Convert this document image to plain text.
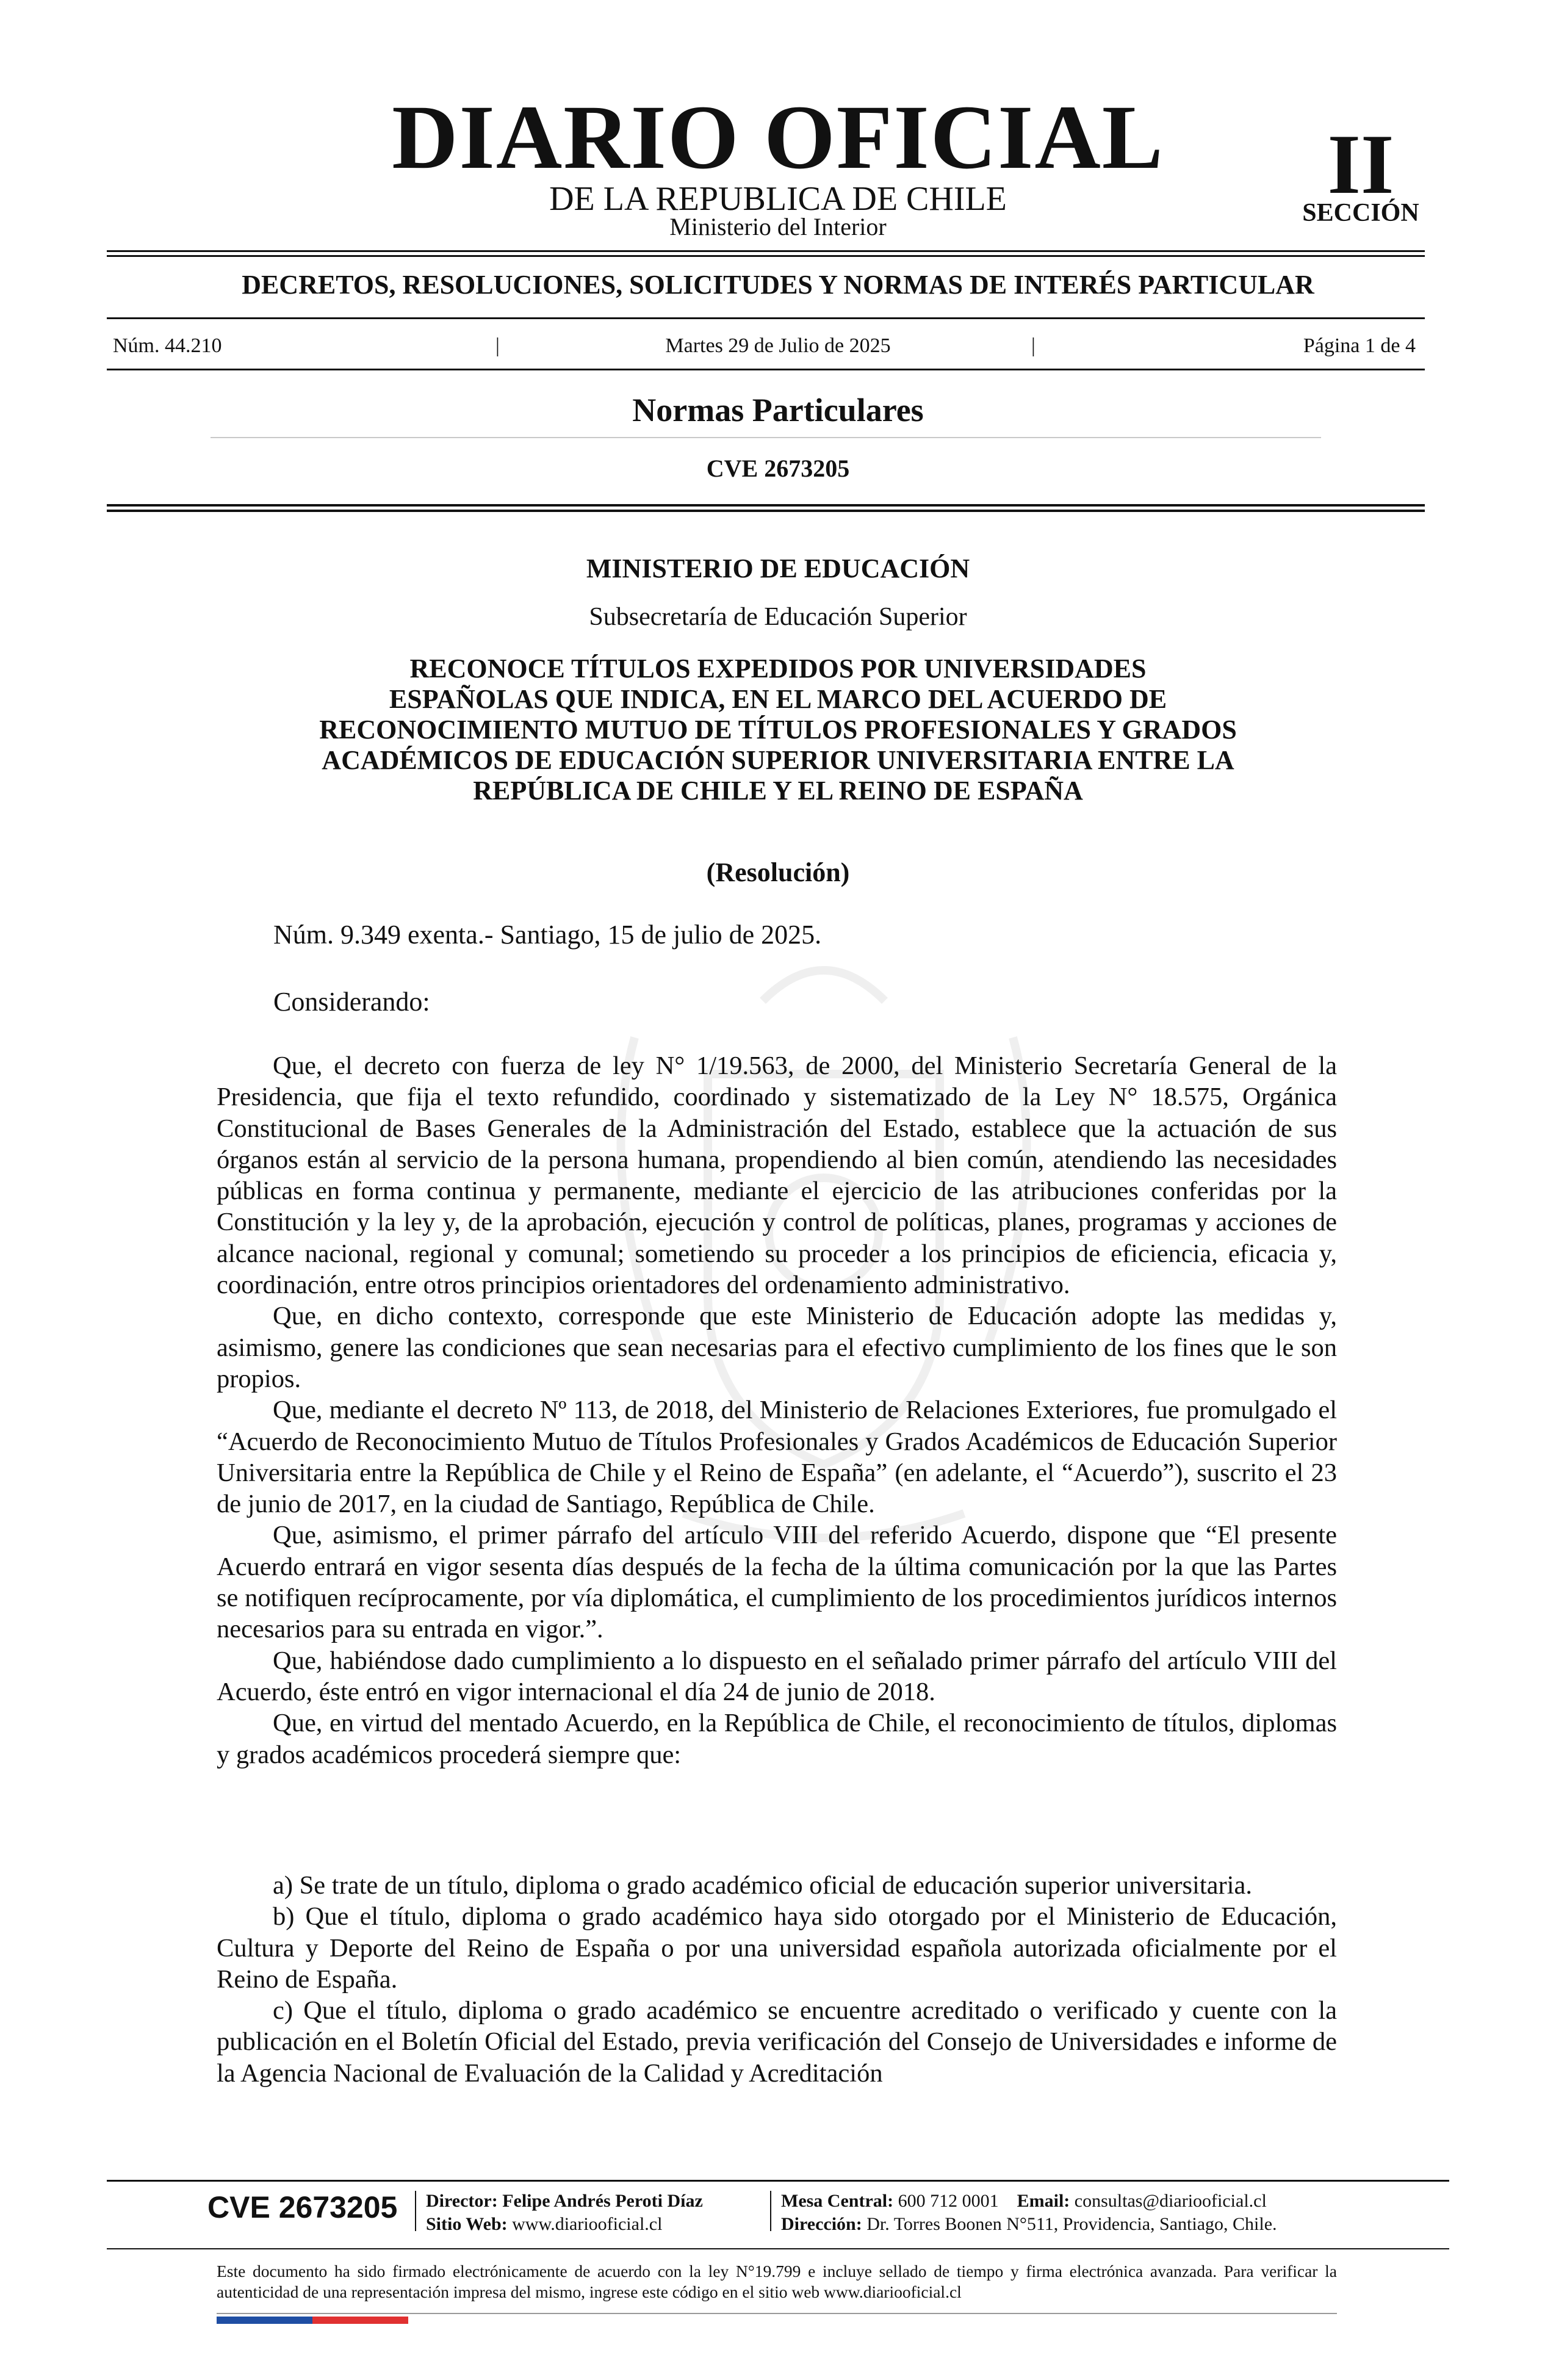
DIARIO OFICIAL
DE LA REPUBLICA DE CHILE
Ministerio del Interior
II
SECCIÓN
DECRETOS, RESOLUCIONES, SOLICITUDES Y NORMAS DE INTERÉS PARTICULAR
Núm. 44.210	|	Martes 29 de Julio de 2025	|	Página 1 de 4
Normas Particulares
CVE 2673205
MINISTERIO DE EDUCACIÓN
Subsecretaría de Educación Superior
RECONOCE TÍTULOS EXPEDIDOS POR UNIVERSIDADES
ESPAÑOLAS QUE INDICA, EN EL MARCO DEL ACUERDO DE
RECONOCIMIENTO MUTUO DE TÍTULOS PROFESIONALES Y GRADOS
ACADÉMICOS DE EDUCACIÓN SUPERIOR UNIVERSITARIA ENTRE LA
REPÚBLICA DE CHILE Y EL REINO DE ESPAÑA
(Resolución)
Núm. 9.349 exenta.- Santiago, 15 de julio de 2025.
Considerando:

Que, el decreto con fuerza de ley N° 1/19.563, de 2000, del Ministerio Secretaría General de la Presidencia, que fija el texto refundido, coordinado y sistematizado de la Ley N° 18.575, Orgánica Constitucional de Bases Generales de la Administración del Estado, establece que la actuación de sus órganos están al servicio de la persona humana, propendiendo al bien común, atendiendo las necesidades públicas en forma continua y permanente, mediante el ejercicio de las atribuciones conferidas por la Constitución y la ley y, de la aprobación, ejecución y control de políticas, planes, programas y acciones de alcance nacional, regional y comunal; sometiendo su proceder a los principios de eficiencia, eficacia y, coordinación, entre otros principios orientadores del ordenamiento administrativo.

Que, en dicho contexto, corresponde que este Ministerio de Educación adopte las medidas y, asimismo, genere las condiciones que sean necesarias para el efectivo cumplimiento de los fines que le son propios.

Que, mediante el decreto Nº 113, de 2018, del Ministerio de Relaciones Exteriores, fue promulgado el “Acuerdo de Reconocimiento Mutuo de Títulos Profesionales y Grados Académicos de Educación Superior Universitaria entre la República de Chile y el Reino de España” (en adelante, el “Acuerdo”), suscrito el 23 de junio de 2017, en la ciudad de Santiago, República de Chile.

Que, asimismo, el primer párrafo del artículo VIII del referido Acuerdo, dispone que “El presente Acuerdo entrará en vigor sesenta días después de la fecha de la última comunicación por la que las Partes se notifiquen recíprocamente, por vía diplomática, el cumplimiento de los procedimientos jurídicos internos necesarios para su entrada en vigor.”.

Que, habiéndose dado cumplimiento a lo dispuesto en el señalado primer párrafo del artículo VIII del Acuerdo, éste entró en vigor internacional el día 24 de junio de 2018.

Que, en virtud del mentado Acuerdo, en la República de Chile, el reconocimiento de títulos, diplomas y grados académicos procederá siempre que:

a) Se trate de un título, diploma o grado académico oficial de educación superior universitaria.

b) Que el título, diploma o grado académico haya sido otorgado por el Ministerio de Educación, Cultura y Deporte del Reino de España o por una universidad española autorizada oficialmente por el Reino de España.

c) Que el título, diploma o grado académico se encuentre acreditado o verificado y cuente con la publicación en el Boletín Oficial del Estado, previa verificación del Consejo de Universidades e informe de la Agencia Nacional de Evaluación de la Calidad y Acreditación

CVE 2673205 Director: Felipe Andrés Peroti Díaz
Sitio Web: www.diariooficial.cl
Mesa Central: 600 712 0001 Email: consultas@diariooficial.cl
Dirección: Dr. Torres Boonen N°511, Providencia, Santiago, Chile.
Este documento ha sido firmado electrónicamente de acuerdo con la ley N°19.799 e incluye sellado de tiempo y firma electrónica avanzada. Para verificar la autenticidad de una representación impresa del mismo, ingrese este código en el sitio web www.diariooficial.cl
